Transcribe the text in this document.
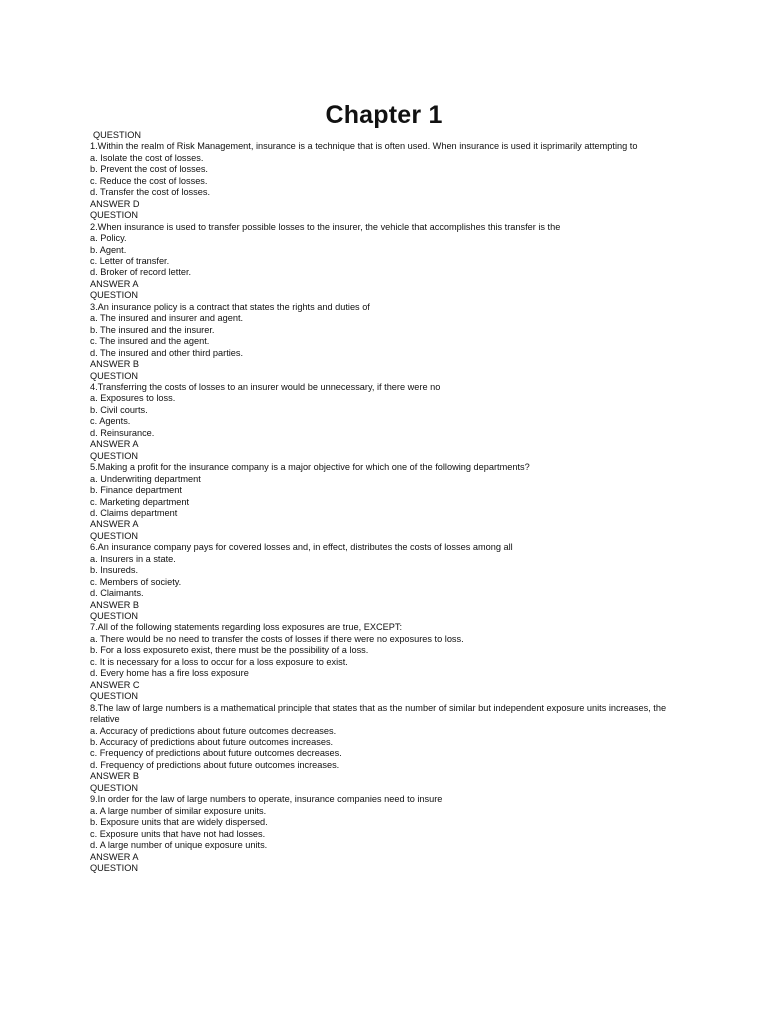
Chapter 1
QUESTION
1.Within the realm of Risk Management, insurance is a technique that is often used. When insurance is used it isprimarily attempting to
a. Isolate the cost of losses.
b. Prevent the cost of losses.
c. Reduce the cost of losses.
d. Transfer the cost of losses.
ANSWER D
QUESTION
2.When insurance is used to transfer possible losses to the insurer, the vehicle that accomplishes this transfer is the
a. Policy.
b. Agent.
c. Letter of transfer.
d. Broker of record letter.
ANSWER A
QUESTION
3.An insurance policy is a contract that states the rights and duties of
a. The insured and insurer and agent.
b. The insured and the insurer.
c. The insured and the agent.
d. The insured and other third parties.
ANSWER B
QUESTION
4.Transferring the costs of losses to an insurer would be unnecessary, if there were no
a. Exposures to loss.
b. Civil courts.
c. Agents.
d. Reinsurance.
ANSWER A
QUESTION
5.Making a profit for the insurance company is a major objective for which one of the following departments?
a. Underwriting department
b. Finance department
c. Marketing department
d. Claims department
ANSWER A
QUESTION
6.An insurance company pays for covered losses and, in effect, distributes the costs of losses among all
a. Insurers in a state.
b. Insureds.
c. Members of society.
d. Claimants.
ANSWER B
QUESTION
7.All of the following statements regarding loss exposures are true, EXCEPT:
a. There would be no need to transfer the costs of losses if there were no exposures to loss.
b. For a loss exposureto exist, there must be the possibility of a loss.
c. It is necessary for a loss to occur for a loss exposure to exist.
d. Every home has a fire loss exposure
ANSWER C
QUESTION
8.The law of large numbers is a mathematical principle that states that as the number of similar but independent exposure units increases, the relative
a. Accuracy of predictions about future outcomes decreases.
b. Accuracy of predictions about future outcomes increases.
c. Frequency of predictions about future outcomes decreases.
d. Frequency of predictions about future outcomes increases.
ANSWER B
QUESTION
9.In order for the law of large numbers to operate, insurance companies need to insure
a. A large number of similar exposure units.
b. Exposure units that are widely dispersed.
c. Exposure units that have not had losses.
d. A large number of unique exposure units.
ANSWER A
QUESTION
